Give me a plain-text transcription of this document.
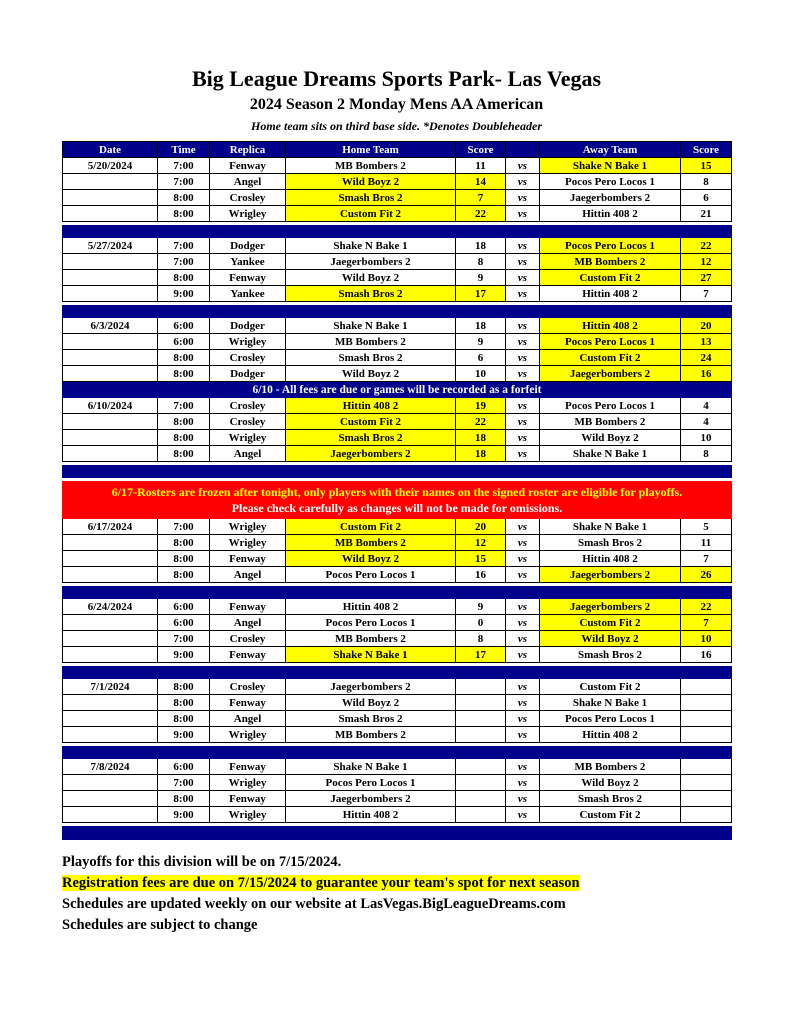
Big League Dreams Sports Park- Las Vegas
2024 Season 2 Monday Mens AA American
Home team sits on third base side. *Denotes Doubleheader
Date	Time	Replica	Home Team	Score		Away Team	Score
5/20/2024	7:00	Fenway	MB Bombers 2	11	vs	Shake N Bake 1	15
	7:00	Angel	Wild Boyz 2	14	vs	Pocos Pero Locos 1	8
	8:00	Crosley	Smash Bros 2	7	vs	Jaegerbombers 2	6
	8:00	Wrigley	Custom Fit 2	22	vs	Hittin 408 2	21

5/27/2024	7:00	Dodger	Shake N Bake 1	18	vs	Pocos Pero Locos 1	22
	7:00	Yankee	Jaegerbombers 2	8	vs	MB Bombers 2	12
	8:00	Fenway	Wild Boyz 2	9	vs	Custom Fit 2	27
	9:00	Yankee	Smash Bros 2	17	vs	Hittin 408 2	7

6/3/2024	6:00	Dodger	Shake N Bake 1	18	vs	Hittin 408 2	20
	6:00	Wrigley	MB Bombers 2	9	vs	Pocos Pero Locos 1	13
	8:00	Crosley	Smash Bros 2	6	vs	Custom Fit 2	24
	8:00	Dodger	Wild Boyz 2	10	vs	Jaegerbombers 2	16
6/10 - All fees are due or games will be recorded as a forfeit							
6/10/2024	7:00	Crosley	Hittin 408 2	19	vs	Pocos Pero Locos 1	4
	8:00	Crosley	Custom Fit 2	22	vs	MB Bombers 2	4
	8:00	Wrigley	Smash Bros 2	18	vs	Wild Boyz 2	10
	8:00	Angel	Jaegerbombers 2	18	vs	Shake N Bake 1	8

6/17-Rosters are frozen after tonight, only players with their names on the signed roster are eligible for playoffs.
Please check carefully as changes will not be made for omissions.							

6/17/2024	7:00	Wrigley	Custom Fit 2	20	vs	Shake N Bake 1	5
	8:00	Wrigley	MB Bombers 2	12	vs	Smash Bros 2	11
	8:00	Fenway	Wild Boyz 2	15	vs	Hittin 408 2	7
	8:00	Angel	Pocos Pero Locos 1	16	vs	Jaegerbombers 2	26

6/24/2024	6:00	Fenway	Hittin 408 2	9	vs	Jaegerbombers 2	22
	6:00	Angel	Pocos Pero Locos 1	0	vs	Custom Fit 2	7
	7:00	Crosley	MB Bombers 2	8	vs	Wild Boyz 2	10
	9:00	Fenway	Shake N Bake 1	17	vs	Smash Bros 2	16

7/1/2024	8:00	Crosley	Jaegerbombers 2		vs	Custom Fit 2	
	8:00	Fenway	Wild Boyz 2		vs	Shake N Bake 1	
	8:00	Angel	Smash Bros 2		vs	Pocos Pero Locos 1	
	9:00	Wrigley	MB Bombers 2		vs	Hittin 408 2	

7/8/2024	6:00	Fenway	Shake N Bake 1		vs	MB Bombers 2	
	7:00	Wrigley	Pocos Pero Locos 1		vs	Wild Boyz 2	
	8:00	Fenway	Jaegerbombers 2		vs	Smash Bros 2	
	9:00	Wrigley	Hittin 408 2		vs	Custom Fit 2	

Playoffs for this division will be on 7/15/2024.
Registration fees are due on 7/15/2024 to guarantee your team's spot for next season
Schedules are updated weekly on our website at LasVegas.BigLeagueDreams.com
Schedules are subject to change
